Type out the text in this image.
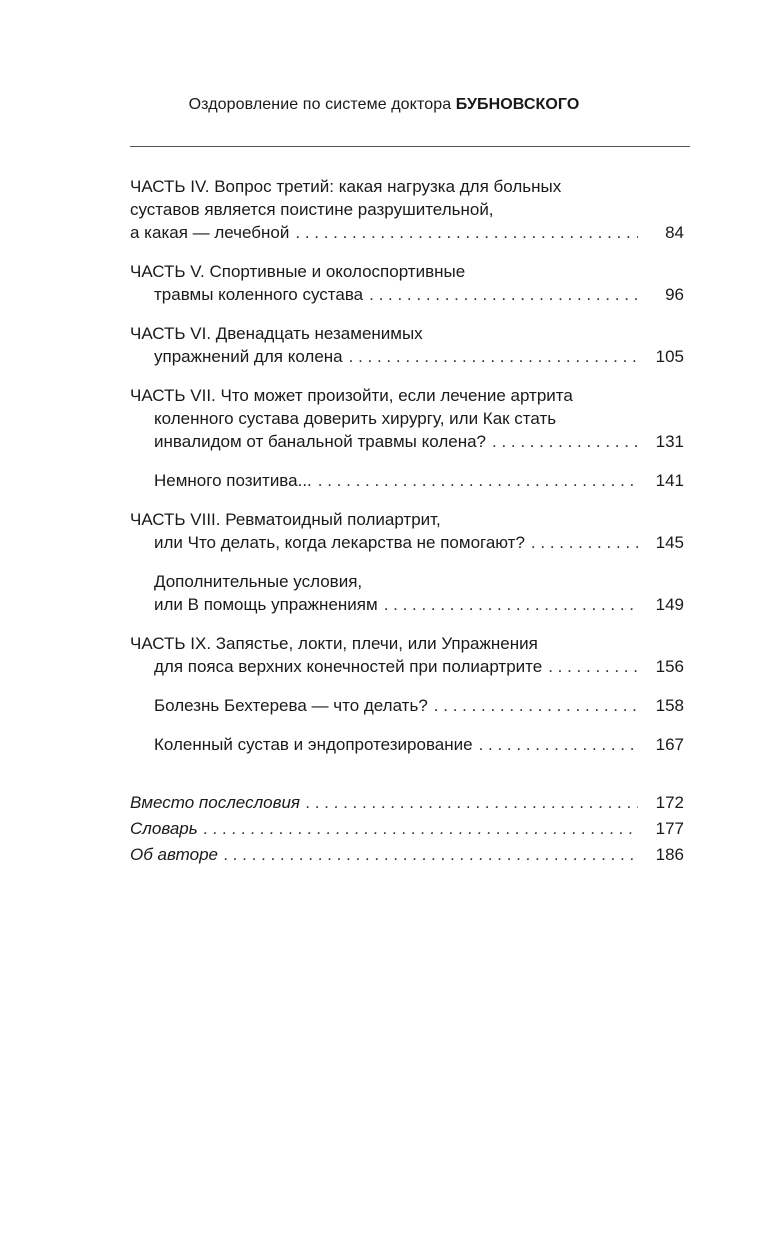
Оздоровление по системе доктора БУБНОВСКОГО
ЧАСТЬ IV. Вопрос третий: какая нагрузка для больных
суставов является поистине разрушительной,
а какая — лечебной . . .	84
ЧАСТЬ V. Спортивные и околоспортивные
травмы коленного сустава . . .	96
ЧАСТЬ VI. Двенадцать незаменимых
упражнений для колена . . .	105
ЧАСТЬ VII. Что может произойти, если лечение артрита
коленного сустава доверить хирургу, или Как стать
инвалидом от банальной травмы колена? . . .	131
Немного позитива... . . .	141
ЧАСТЬ VIII. Ревматоидный полиартрит,
или Что делать, когда лекарства не помогают? . . .	145
Дополнительные условия,
или В помощь упражнениям . . .	149
ЧАСТЬ IX. Запястье, локти, плечи, или Упражнения
для пояса верхних конечностей при полиартрите . . .	156
Болезнь Бехтерева — что делать? . . .	158
Коленный сустав и эндопротезирование . . .	167
Вместо послесловия . . .	172
Словарь . . .	177
Об авторе . . .	186
